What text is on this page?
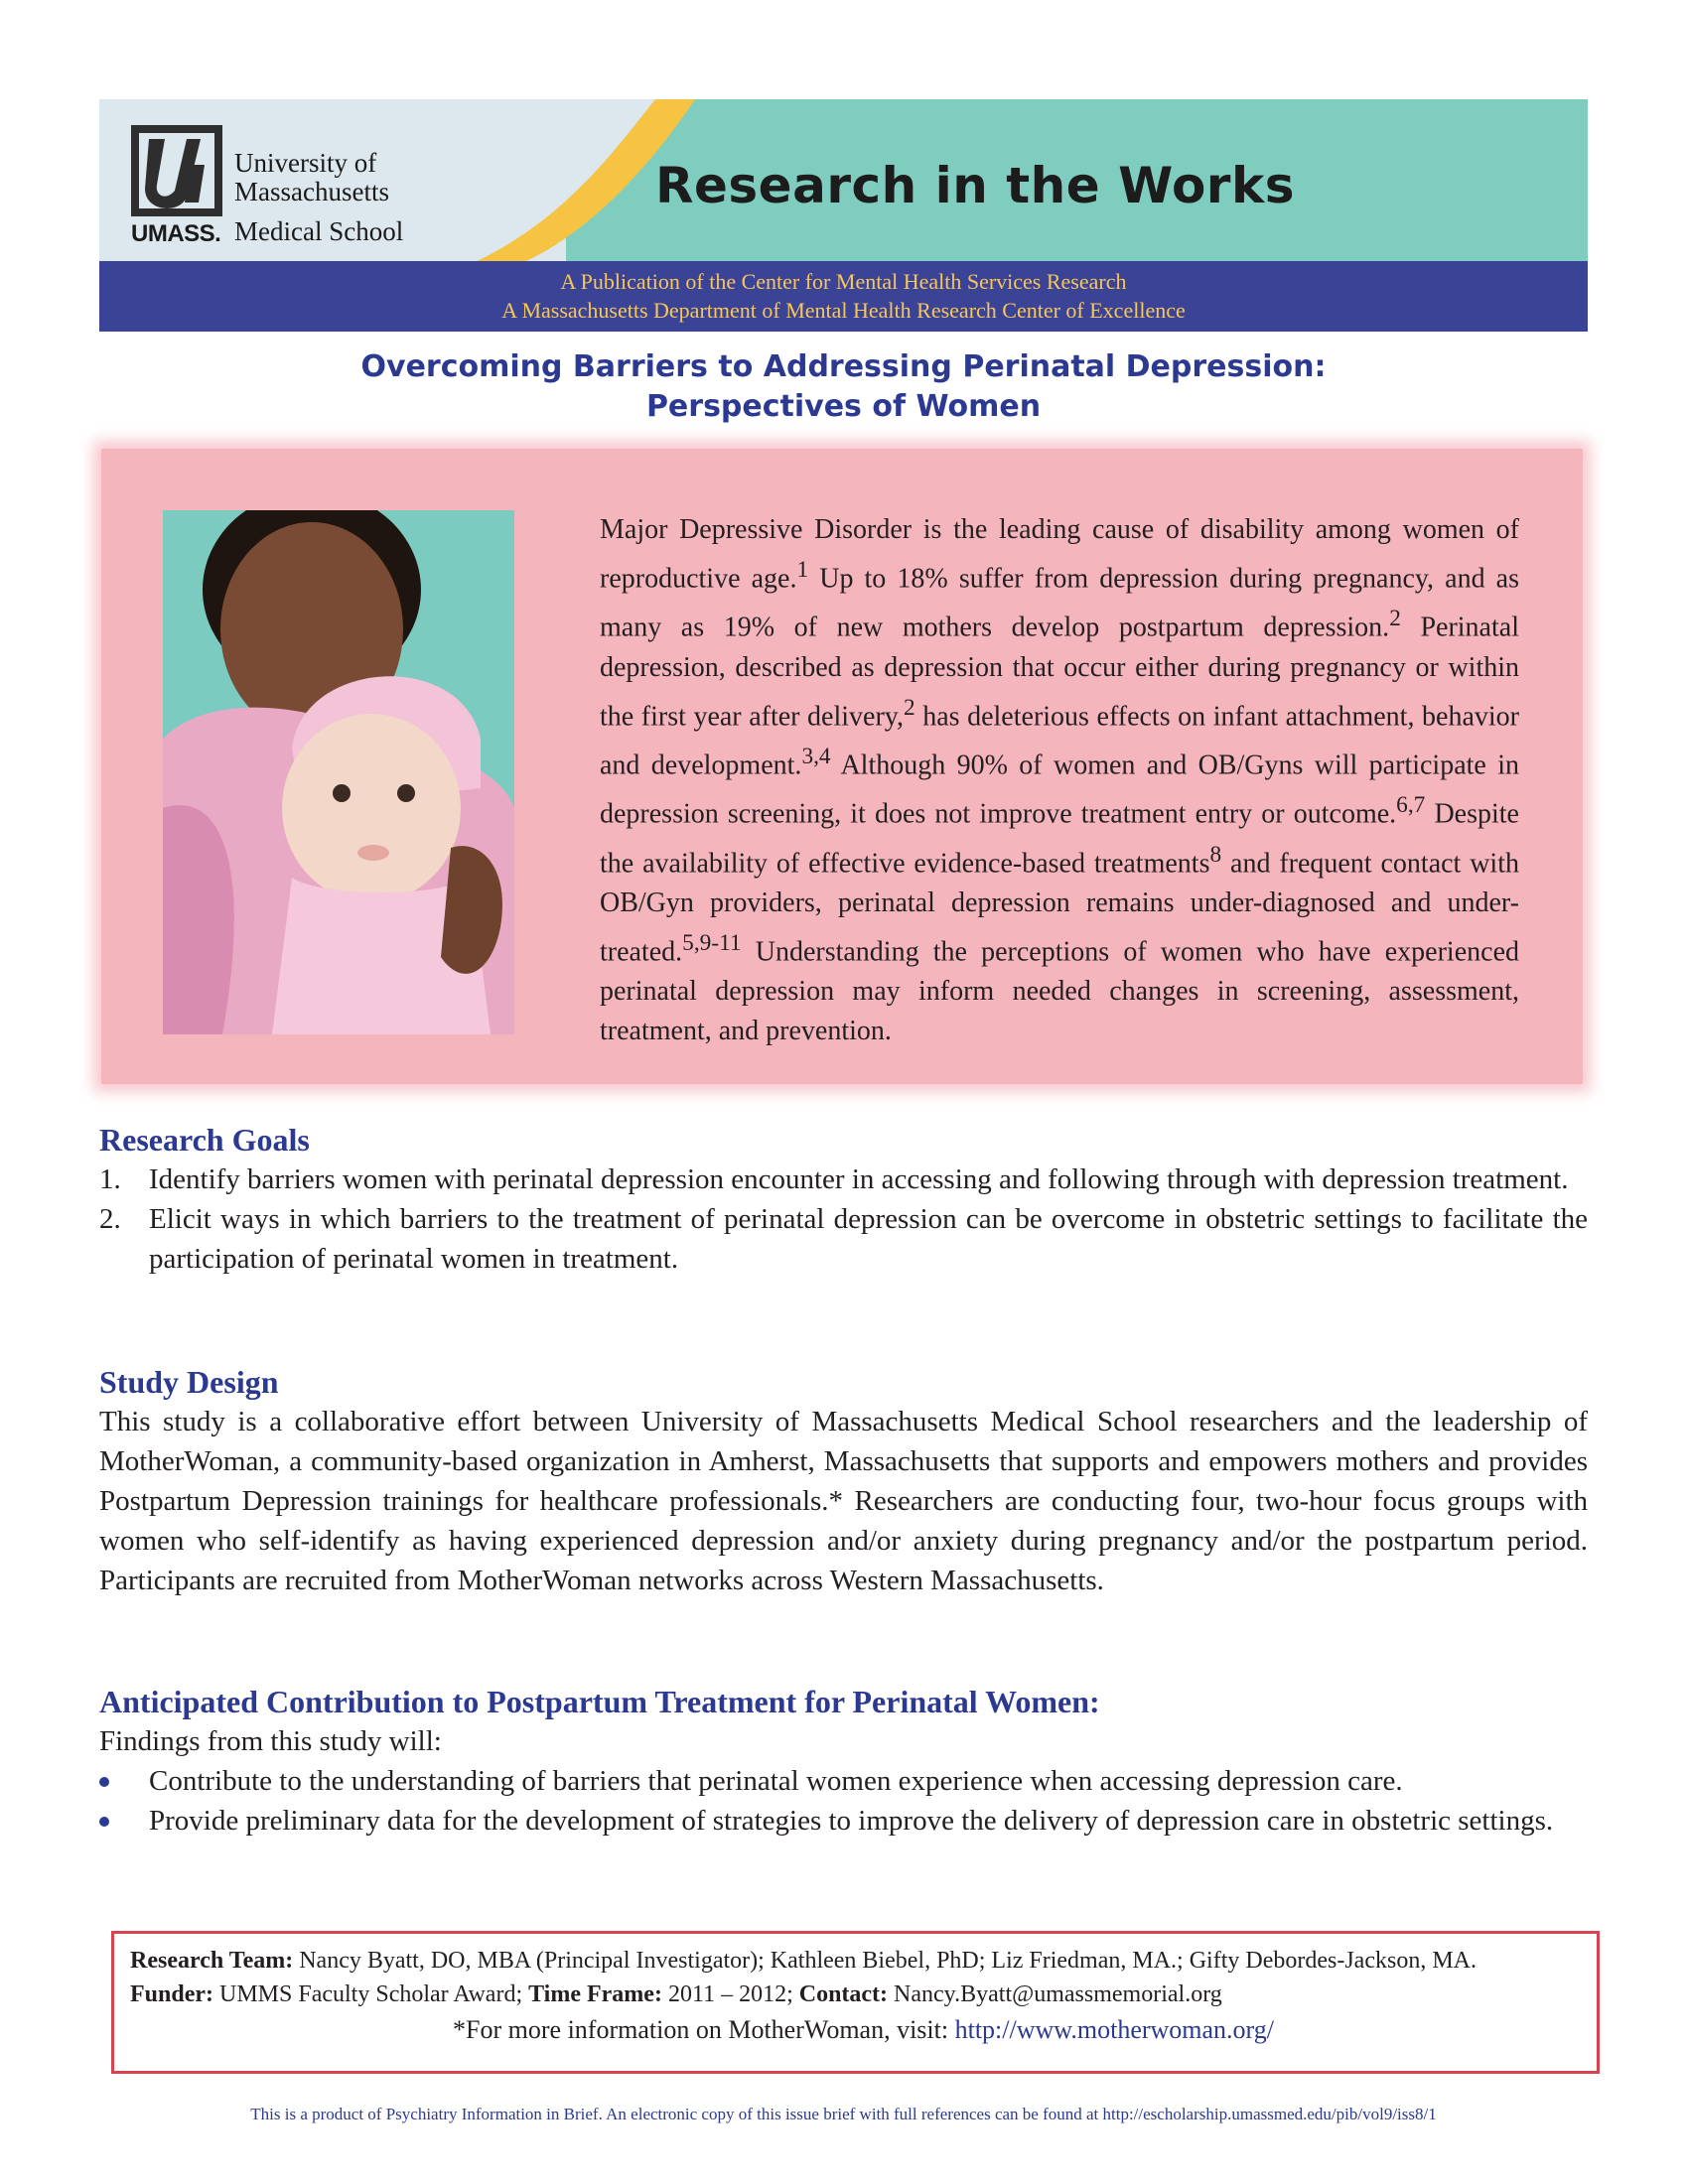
University of
Massachusetts
UMASS. Medical School
Research in the Works
A Publication of the Center for Mental Health Services Research
A Massachusetts Department of Mental Health Research Center of Excellence
Overcoming Barriers to Addressing Perinatal Depression:
Perspectives of Women

Major Depressive Disorder is the leading cause of disability among women of reproductive age.$^1$ Up to 18% suffer from depression during pregnancy, and as many as 19% of new mothers develop postpartum depression.$^2$ Perinatal depression, described as depression that occur either during pregnancy or within the first year after delivery,$^2$ has deleterious effects on infant attachment, behavior and development.$^{3,4}$ Although 90% of women and OB/Gyns will participate in depression screening, it does not improve treatment entry or outcome.$^{6,7}$ Despite the availability of effective evidence-based treatments$^8$ and frequent contact with OB/Gyn providers, perinatal depression remains under-diagnosed and under-treated.$^{5,9-11}$ Understanding the perceptions of women who have experienced perinatal depression may inform needed changes in screening, assessment, treatment, and prevention.

Research Goals
1. Identify barriers women with perinatal depression encounter in accessing and following through with depression treatment.
2. Elicit ways in which barriers to the treatment of perinatal depression can be overcome in obstetric settings to facilitate the participation of perinatal women in treatment.
Study Design

This study is a collaborative effort between University of Massachusetts Medical School researchers and the leadership of MotherWoman, a community-based organization in Amherst, Massachusetts that supports and empowers mothers and provides Postpartum Depression trainings for healthcare professionals.* Researchers are conducting four, two-hour focus groups with women who self-identify as having experienced depression and/or anxiety during pregnancy and/or the postpartum period. Participants are recruited from MotherWoman networks across Western Massachusetts.

Anticipated Contribution to Postpartum Treatment for Perinatal Women:

Findings from this study will:

Contribute to the understanding of barriers that perinatal women experience when accessing depression care.
Provide preliminary data for the development of strategies to improve the delivery of depression care in obstetric settings.
Research Team: Nancy Byatt, DO, MBA (Principal Investigator); Kathleen Biebel, PhD; Liz Friedman, MA.; Gifty Debordes-Jackson, MA.
Funder: UMMS Faculty Scholar Award; Time Frame: 2011 – 2012; Contact: Nancy.Byatt@umassmemorial.org
*For more information on MotherWoman, visit: http://www.motherwoman.org/
This is a product of Psychiatry Information in Brief. An electronic copy of this issue brief with full references can be found at http://escholarship.umassmed.edu/pib/vol9/iss8/1
